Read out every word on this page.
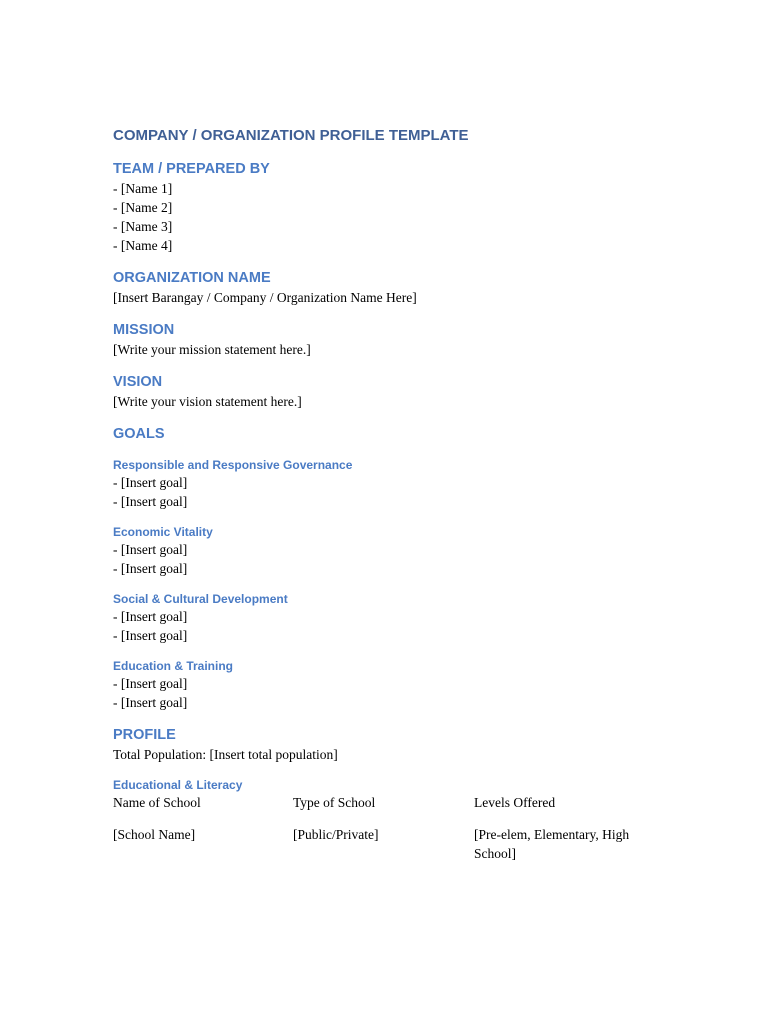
COMPANY / ORGANIZATION PROFILE TEMPLATE
TEAM / PREPARED BY

- [Name 1]

- [Name 2]

- [Name 3]

- [Name 4]

ORGANIZATION NAME

[Insert Barangay / Company / Organization Name Here]

MISSION

[Write your mission statement here.]

VISION

[Write your vision statement here.]

GOALS
Responsible and Responsive Governance

- [Insert goal]

- [Insert goal]

Economic Vitality

- [Insert goal]

- [Insert goal]

Social & Cultural Development

- [Insert goal]

- [Insert goal]

Education & Training

- [Insert goal]

- [Insert goal]

PROFILE

Total Population: [Insert total population]

Educational & Literacy
Name of School	Type of School	Levels Offered
[School Name]	[Public/Private]	[Pre-elem, Elementary, High School]
